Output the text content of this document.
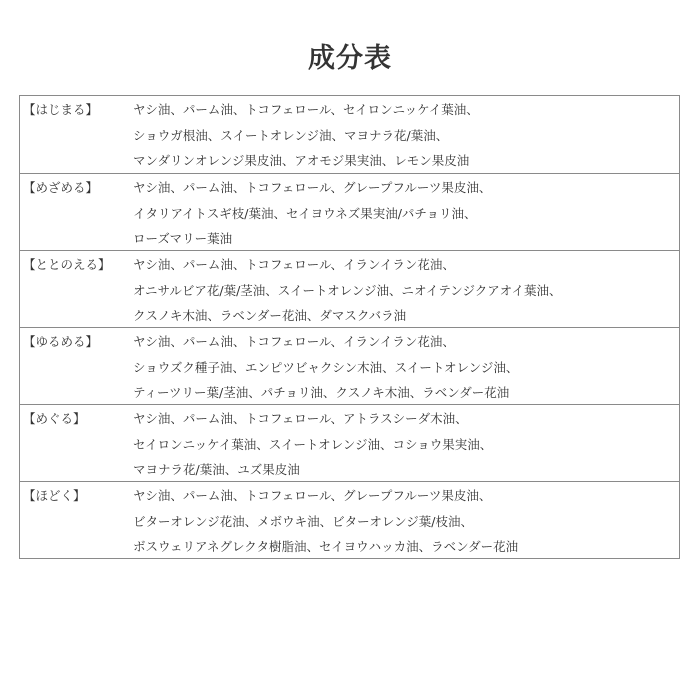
成分表
【はじまる】	ヤシ油、パーム油、トコフェロール、セイロンニッケイ葉油、
ショウガ根油、スイートオレンジ油、マヨナラ花/葉油、
マンダリンオレンジ果皮油、アオモジ果実油、レモン果皮油
【めざめる】	ヤシ油、パーム油、トコフェロール、グレープフルーツ果皮油、
イタリアイトスギ枝/葉油、セイヨウネズ果実油/パチョリ油、
ローズマリー葉油
【ととのえる】	ヤシ油、パーム油、トコフェロール、イランイラン花油、
オニサルビア花/葉/茎油、スイートオレンジ油、ニオイテンジクアオイ葉油、
クスノキ木油、ラベンダー花油、ダマスクバラ油
【ゆるめる】	ヤシ油、パーム油、トコフェロール、イランイラン花油、
ショウズク種子油、エンピツビャクシン木油、スイートオレンジ油、
ティーツリー葉/茎油、パチョリ油、クスノキ木油、ラベンダー花油
【めぐる】	ヤシ油、パーム油、トコフェロール、アトラスシーダ木油、
セイロンニッケイ葉油、スイートオレンジ油、コショウ果実油、
マヨナラ花/葉油、ユズ果皮油
【ほどく】	ヤシ油、パーム油、トコフェロール、グレープフルーツ果皮油、
ビターオレンジ花油、メボウキ油、ビターオレンジ葉/枝油、
ボスウェリアネグレクタ樹脂油、セイヨウハッカ油、ラベンダー花油
